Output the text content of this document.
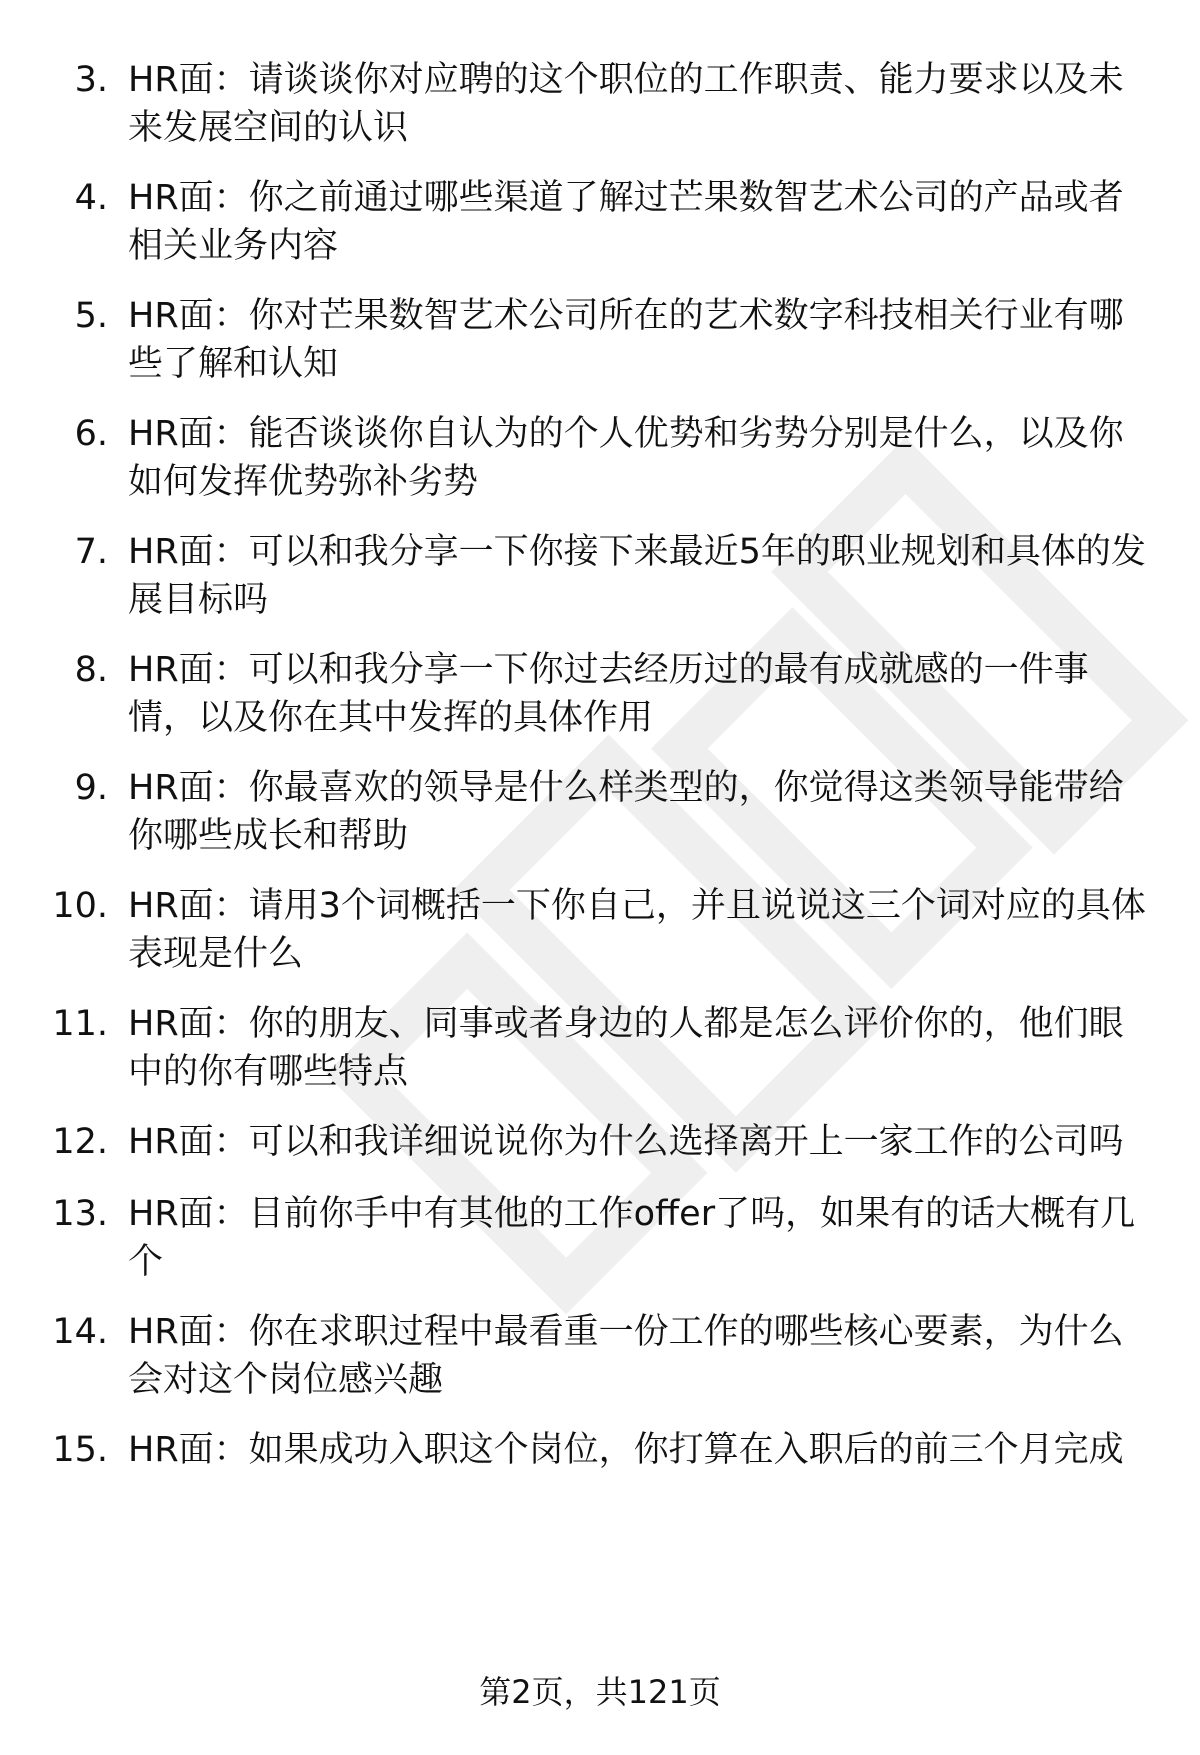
3. HR面：请谈谈你对应聘的这个职位的工作职责、能力要求以及未来发展空间的认识
4. HR面：你之前通过哪些渠道了解过芒果数智艺术公司的产品或者相关业务内容
5. HR面：你对芒果数智艺术公司所在的艺术数字科技相关行业有哪些了解和认知
6. HR面：能否谈谈你自认为的个人优势和劣势分别是什么，以及你如何发挥优势弥补劣势
7. HR面：可以和我分享一下你接下来最近5年的职业规划和具体的发展目标吗
8. HR面：可以和我分享一下你过去经历过的最有成就感的一件事情，以及你在其中发挥的具体作用
9. HR面：你最喜欢的领导是什么样类型的，你觉得这类领导能带给你哪些成长和帮助
10. HR面：请用3个词概括一下你自己，并且说说这三个词对应的具体表现是什么
11. HR面：你的朋友、同事或者身边的人都是怎么评价你的，他们眼中的你有哪些特点
12. HR面：可以和我详细说说你为什么选择离开上一家工作的公司吗
13. HR面：目前你手中有其他的工作offer了吗，如果有的话大概有几个
14. HR面：你在求职过程中最看重一份工作的哪些核心要素，为什么会对这个岗位感兴趣
15. HR面：如果成功入职这个岗位，你打算在入职后的前三个月完成
第2页，共121页
